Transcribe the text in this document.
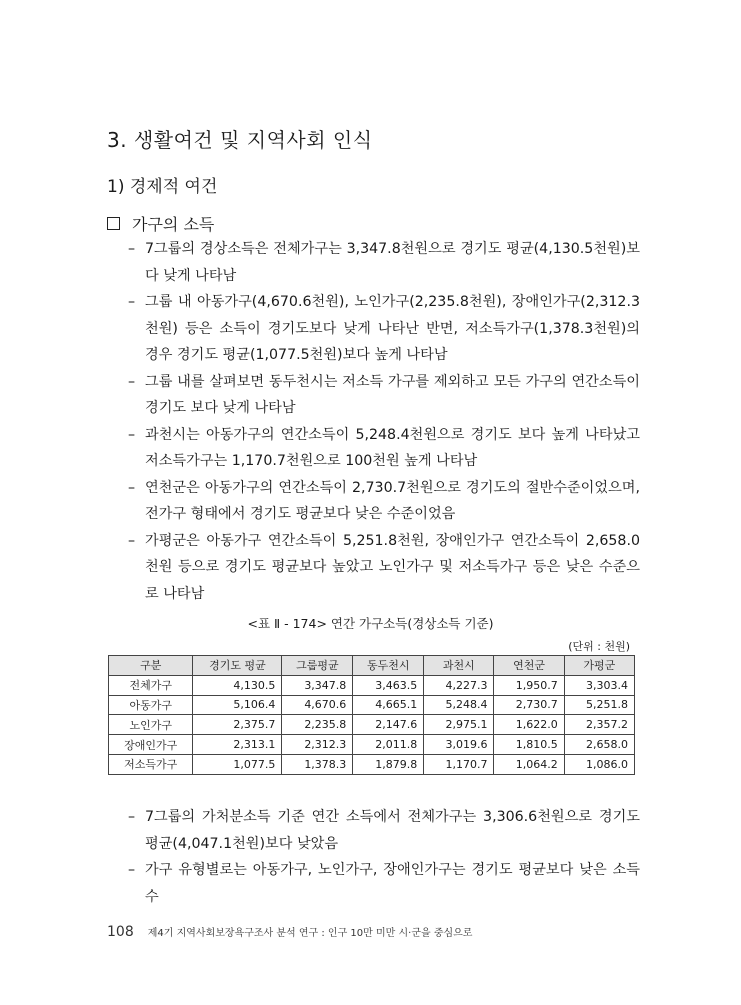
3. 생활여건 및 지역사회 인식
1) 경제적 여건
가구의 소득
– 7그룹의 경상소득은 전체가구는 3,347.8천원으로 경기도 평균(4,130.5천원)보다 낮게 나타남
– 그룹 내 아동가구(4,670.6천원), 노인가구(2,235.8천원), 장애인가구(2,312.3천원) 등은 소득이 경기도보다 낮게 나타난 반면, 저소득가구(1,378.3천원)의 경우 경기도 평균(1,077.5천원)보다 높게 나타남
– 그룹 내를 살펴보면 동두천시는 저소득 가구를 제외하고 모든 가구의 연간소득이 경기도 보다 낮게 나타남
– 과천시는 아동가구의 연간소득이 5,248.4천원으로 경기도 보다 높게 나타났고 저소득가구는 1,170.7천원으로 100천원 높게 나타남
– 연천군은 아동가구의 연간소득이 2,730.7천원으로 경기도의 절반수준이었으며, 전가구 형태에서 경기도 평균보다 낮은 수준이었음
– 가평군은 아동가구 연간소득이 5,251.8천원, 장애인가구 연간소득이 2,658.0천원 등으로 경기도 평균보다 높았고 노인가구 및 저소득가구 등은 낮은 수준으로 나타남
<표 Ⅱ - 174> 연간 가구소득(경상소득 기준)
(단위 : 천원)
구분	경기도 평균	그룹평균	동두천시	과천시	연천군	가평군
전체가구	4,130.5	3,347.8	3,463.5	4,227.3	1,950.7	3,303.4
아동가구	5,106.4	4,670.6	4,665.1	5,248.4	2,730.7	5,251.8
노인가구	2,375.7	2,235.8	2,147.6	2,975.1	1,622.0	2,357.2
장애인가구	2,313.1	2,312.3	2,011.8	3,019.6	1,810.5	2,658.0
저소득가구	1,077.5	1,378.3	1,879.8	1,170.7	1,064.2	1,086.0
– 7그룹의 가처분소득 기준 연간 소득에서 전체가구는 3,306.6천원으로 경기도 평균(4,047.1천원)보다 낮았음
– 가구 유형별로는 아동가구, 노인가구, 장애인가구는 경기도 평균보다 낮은 소득수
108 제4기 지역사회보장욕구조사 분석 연구 : 인구 10만 미만 시·군을 중심으로
